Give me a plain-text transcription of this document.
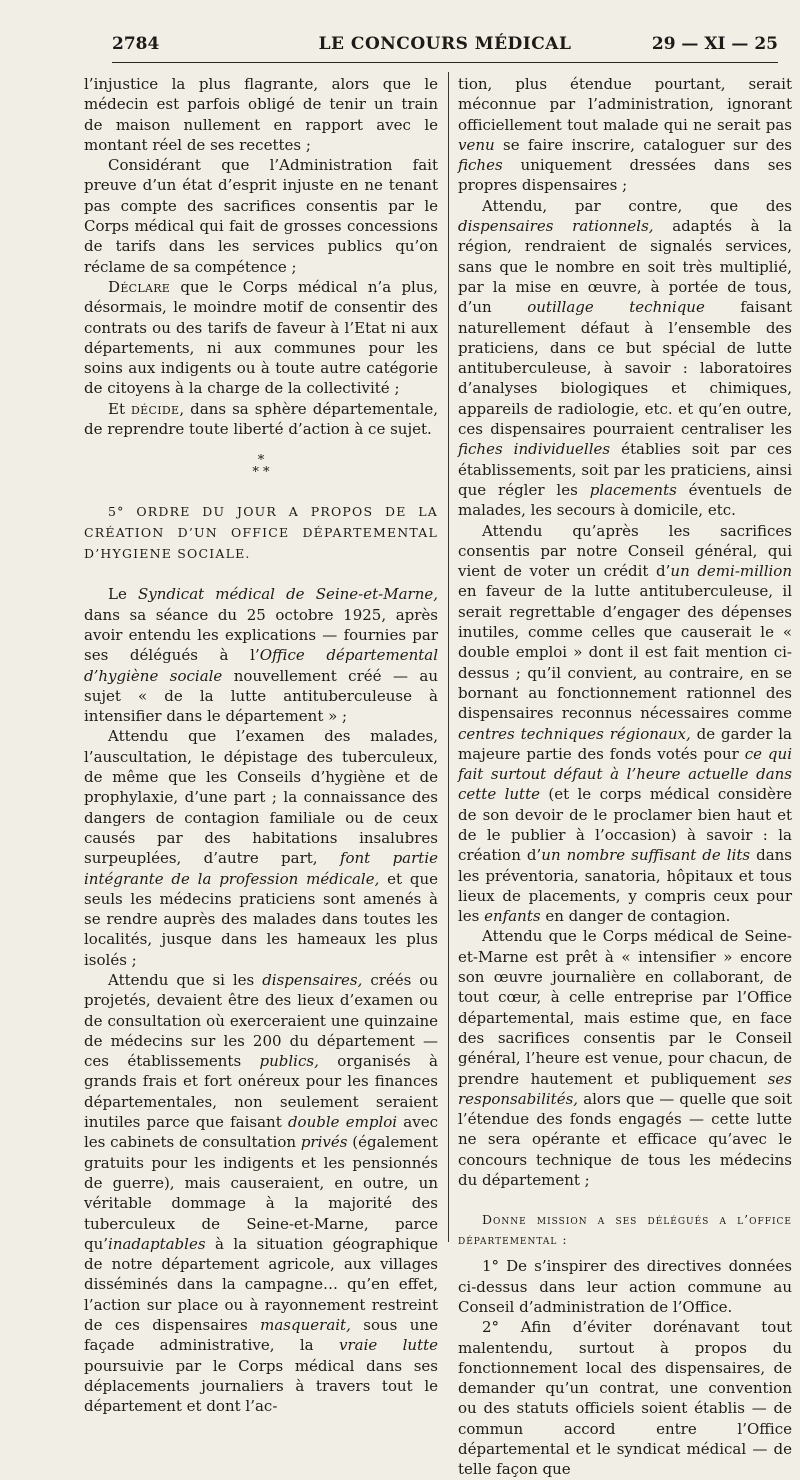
2784	LE CONCOURS MÉDICAL	29 — XI — 25

l’injustice la plus flagrante, alors que le médecin est parfois obligé de tenir un train de maison nullement en rapport avec le montant réel de ses recettes ;

Considérant que l’Administration fait preuve d’un état d’esprit injuste en ne tenant pas compte des sacrifices consentis par le Corps médical qui fait de grosses concessions de tarifs dans les services publics qu’on réclame de sa compétence ;

Déclare que le Corps médical n’a plus, désormais, le moindre motif de consentir des contrats ou des tarifs de faveur à l’Etat ni aux départements, ni aux communes pour les soins aux indigents ou à toute autre catégorie de citoyens à la charge de la collectivité ;

Et décide, dans sa sphère départementale, de reprendre toute liberté d’action à ce sujet.

*
* *

5° ORDRE DU JOUR A PROPOS DE LA CRÉATION D’UN OFFICE DÉPARTEMENTAL D’HYGIENE SOCIALE.

Le Syndicat médical de Seine-et-Marne, dans sa séance du 25 octobre 1925, après avoir entendu les explications — fournies par ses délégués à l’Office départemental d’hygiène sociale nouvellement créé — au sujet « de la lutte antituberculeuse à intensifier dans le département » ;

Attendu que l’examen des malades, l’auscultation, le dépistage des tuberculeux, de même que les Conseils d’hygiène et de prophylaxie, d’une part ; la connaissance des dangers de contagion familiale ou de ceux causés par des habitations insalubres surpeuplées, d’autre part, font partie intégrante de la profession médicale, et que seuls les médecins praticiens sont amenés à se rendre auprès des malades dans toutes les localités, jusque dans les hameaux les plus isolés ;

Attendu que si les dispensaires, créés ou projetés, devaient être des lieux d’examen ou de consultation où exerceraient une quinzaine de médecins sur les 200 du département — ces établissements publics, organisés à grands frais et fort onéreux pour les finances départementales, non seulement seraient inutiles parce que faisant double emploi avec les cabinets de consultation privés (également gratuits pour les indigents et les pensionnés de guerre), mais causeraient, en outre, un véritable dommage à la majorité des tuberculeux de Seine-et-Marne, parce qu’inadaptables à la situation géographique de notre département agricole, aux villages disséminés dans la campagne… qu’en effet, l’action sur place ou à rayonnement restreint de ces dispensaires masquerait, sous une façade administrative, la vraie lutte poursuivie par le Corps médical dans ses déplacements journaliers à travers tout le département et dont l’ac-

tion, plus étendue pourtant, serait méconnue par l’administration, ignorant officiellement tout malade qui ne serait pas venu se faire inscrire, cataloguer sur des fiches uniquement dressées dans ses propres dispensaires ;

Attendu, par contre, que des dispensaires rationnels, adaptés à la région, rendraient de signalés services, sans que le nombre en soit très multiplié, par la mise en œuvre, à portée de tous, d’un outillage technique faisant naturellement défaut à l’ensemble des praticiens, dans ce but spécial de lutte antituberculeuse, à savoir : laboratoires d’analyses biologiques et chimiques, appareils de radiologie, etc. et qu’en outre, ces dispensaires pourraient centraliser les fiches individuelles établies soit par ces établissements, soit par les praticiens, ainsi que régler les placements éventuels de malades, les secours à domicile, etc.

Attendu qu’après les sacrifices consentis par notre Conseil général, qui vient de voter un crédit d’un demi-million en faveur de la lutte antituberculeuse, il serait regrettable d’engager des dépenses inutiles, comme celles que causerait le « double emploi » dont il est fait mention ci-dessus ; qu’il convient, au contraire, en se bornant au fonctionnement rationnel des dispensaires reconnus nécessaires comme centres techniques régionaux, de garder la majeure partie des fonds votés pour ce qui fait surtout défaut à l’heure actuelle dans cette lutte (et le corps médical considère de son devoir de le proclamer bien haut et de le publier à l’occasion) à savoir : la création d’un nombre suffisant de lits dans les préventoria, sanatoria, hôpitaux et tous lieux de placements, y compris ceux pour les enfants en danger de contagion.

Attendu que le Corps médical de Seine-et-Marne est prêt à « intensifier » encore son œuvre journalière en collaborant, de tout cœur, à celle entreprise par l’Office départemental, mais estime que, en face des sacrifices consentis par le Conseil général, l’heure est venue, pour chacun, de prendre hautement et publiquement ses responsabilités, alors que — quelle que soit l’étendue des fonds engagés — cette lutte ne sera opérante et efficace qu’avec le concours technique de tous les médecins du département ;

Donne mission a ses délégués a l’office départemental :

1° De s’inspirer des directives données ci-dessus dans leur action commune au Conseil d’administration de l’Office.

2° Afin d’éviter dorénavant tout malentendu, surtout à propos du fonctionnement local des dispensaires, de demander qu’un contrat, une convention ou des statuts officiels soient établis — de commun accord entre l’Office départemental et le syndicat médical — de telle façon que
